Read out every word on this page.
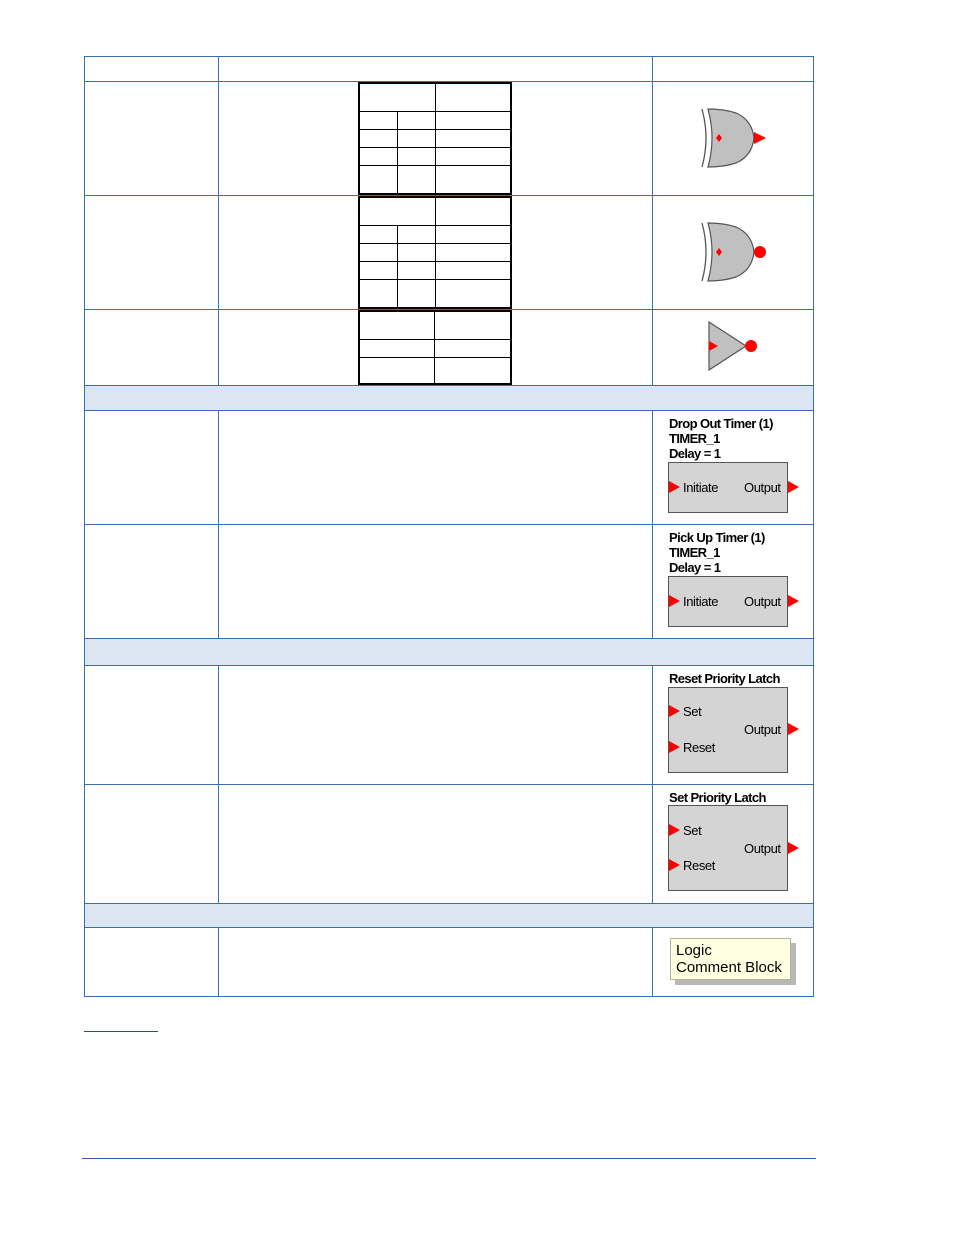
Drop Out Timer (1)
TIMER_1
Delay = 1
Initiate Output
Pick Up Timer (1)
TIMER_1
Delay = 1
Initiate Output
Reset Priority Latch
Set
Output
Reset
Set Priority Latch
Set
Output
Reset
Logic
Comment Block
